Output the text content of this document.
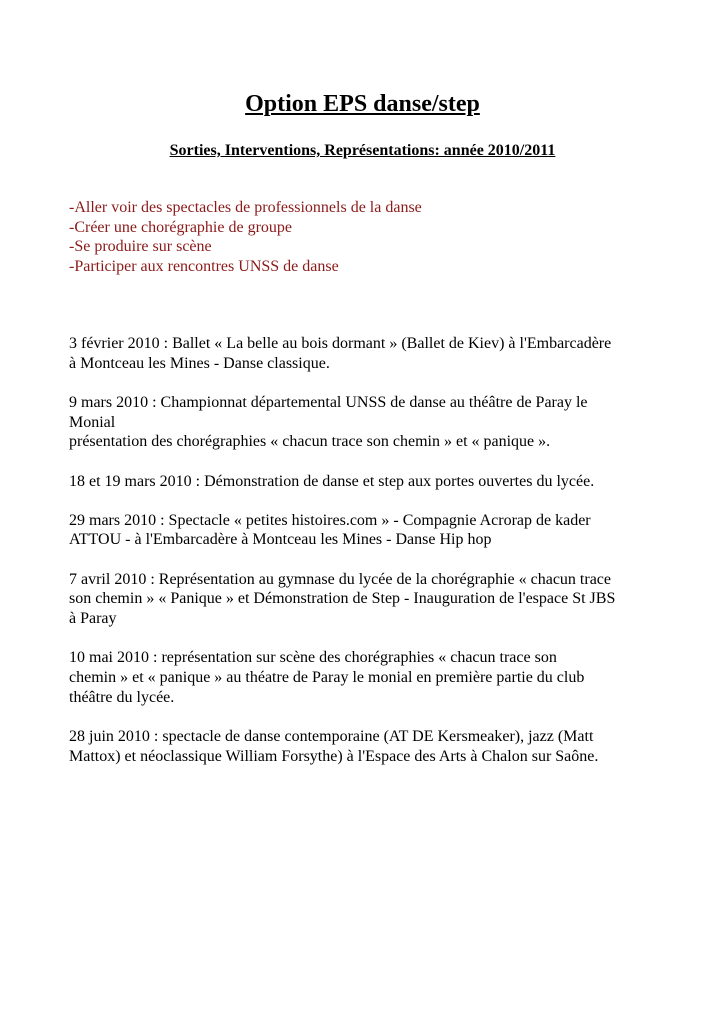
Option EPS danse/step
Sorties, Interventions, Représentations: année 2010/2011
-Aller voir des spectacles de professionnels de la danse
-Créer une chorégraphie de groupe
-Se produire sur scène
-Participer aux rencontres UNSS de danse

3 février 2010 : Ballet « La belle au bois dormant » (Ballet de Kiev) à l'Embarcadère
à Montceau les Mines - Danse classique.

9 mars 2010 : Championnat départemental UNSS de danse au théâtre de Paray le
Monial
présentation des chorégraphies « chacun trace son chemin » et « panique ».

18 et 19 mars 2010 : Démonstration de danse et step aux portes ouvertes du lycée.

29 mars 2010 : Spectacle « petites histoires.com » - Compagnie Acrorap de kader
ATTOU - à l'Embarcadère à Montceau les Mines - Danse Hip hop

7 avril 2010 : Représentation au gymnase du lycée de la chorégraphie « chacun trace
son chemin » « Panique » et Démonstration de Step - Inauguration de l'espace St JBS
à Paray

10 mai 2010 : représentation sur scène des chorégraphies « chacun trace son
chemin » et « panique » au théatre de Paray le monial en première partie du club
théâtre du lycée.

28 juin 2010 : spectacle de danse contemporaine (AT DE Kersmeaker), jazz (Matt
Mattox) et néoclassique William Forsythe) à l'Espace des Arts à Chalon sur Saône.
